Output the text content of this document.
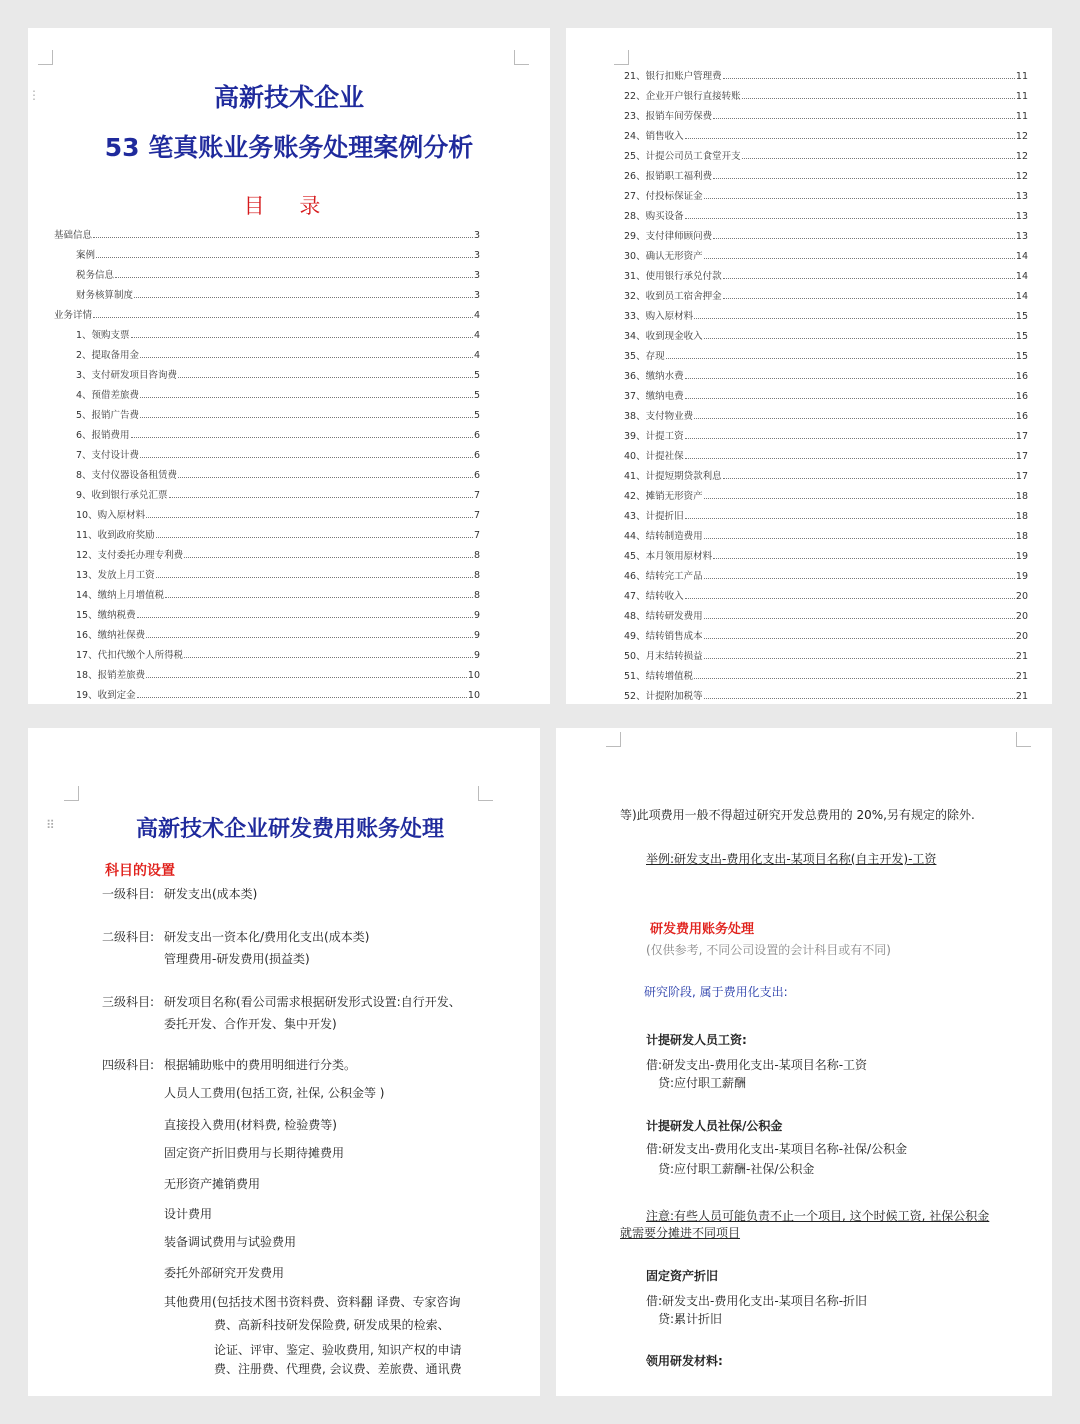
⋮	高新技术企业
53 笔真账业务账务处理案例分析
目 录
基础信息	3
案例	3
税务信息	3
财务核算制度	3
业务详情	4
1、领购支票	4
2、提取备用金	4
3、支付研发项目咨询费	5
4、预借差旅费	5
5、报销广告费	5
6、报销费用	6
7、支付设计费	6
8、支付仪器设备租赁费	6
9、收到银行承兑汇票	7
10、购入原材料	7
11、收到政府奖励	7
12、支付委托办理专利费	8
13、发放上月工资	8
14、缴纳上月增值税	8
15、缴纳税费	9
16、缴纳社保费	9
17、代扣代缴个人所得税	9
18、报销差旅费	10
19、收到定金	10
21、银行扣账户管理费	11
22、企业开户银行直接转账	11
23、报销车间劳保费	11
24、销售收入	12
25、计提公司员工食堂开支	12
26、报销职工福利费	12
27、付投标保证金	13
28、购买设备	13
29、支付律师顾问费	13
30、确认无形资产	14
31、使用银行承兑付款	14
32、收到员工宿舍押金	14
33、购入原材料	15
34、收到现金收入	15
35、存现	15
36、缴纳水费	16
37、缴纳电费	16
38、支付物业费	16
39、计提工资	17
40、计提社保	17
41、计提短期贷款利息	17
42、摊销无形资产	18
43、计提折旧	18
44、结转制造费用	18
45、本月领用原材料	19
46、结转完工产品	19
47、结转收入	20
48、结转研发费用	20
49、结转销售成本	20
50、月末结转损益	21
51、结转增值税	21
52、计提附加税等	21
⠿	高新技术企业研发费用账务处理
科目的设置
一级科目: 研发支出(成本类)
二级科目: 研发支出一资本化/费用化支出(成本类)
管理费用-研发费用(损益类)
三级科目: 研发项目名称(看公司需求根据研发形式设置:自行开发、
委托开发、合作开发、集中开发)
四级科目: 根据辅助账中的费用明细进行分类。
人员人工费用(包括工资, 社保, 公积金等 )
直接投入费用(材料费, 检验费等)
固定资产折旧费用与长期待摊费用
无形资产摊销费用
设计费用
装备调试费用与试验费用
委托外部研究开发费用
其他费用(包括技术图书资料费、资料翻 译费、专家咨询
费、高新科技研发保险费, 研发成果的检索、
论证、评审、鉴定、验收费用, 知识产权的申请
费、注册费、代理费, 会议费、差旅费、通讯费
等)此项费用一般不得超过研究开发总费用的 20%,另有规定的除外.
举例:研发支出-费用化支出-某项目名称(自主开发)-工资
研发费用账务处理
(仅供参考, 不同公司设置的会计科目或有不同)
研究阶段, 属于费用化支出:
计提研发人员工资:
借:研发支出-费用化支出-某项目名称-工资
贷:应付职工薪酬
计提研发人员社保/公积金
借:研发支出-费用化支出-某项目名称-社保/公积金
贷:应付职工薪酬-社保/公积金
注意:有些人员可能负责不止一个项目, 这个时候工资, 社保公积金
就需要分摊进不同项目
固定资产折旧
借:研发支出-费用化支出-某项目名称-折旧
贷:累计折旧
领用研发材料:
